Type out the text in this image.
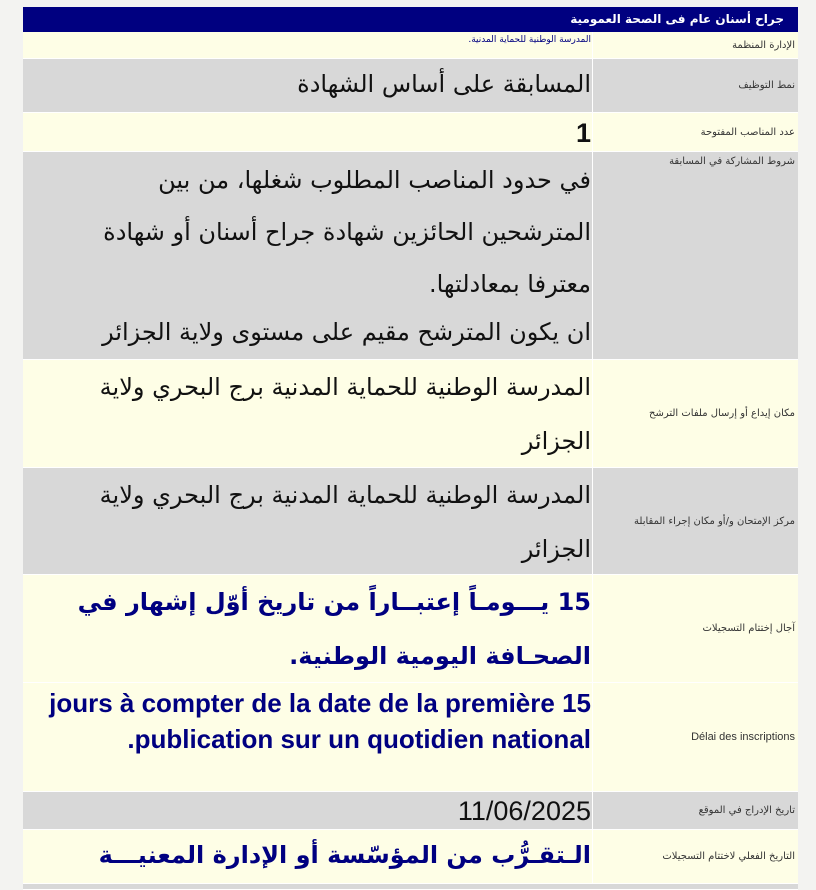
جراح أسنان عام فى الصحة العمومية
الإدارة المنظمة
المدرسة الوطنية للحماية المدنية.
نمط التوظيف
المسابقة على أساس الشهادة
عدد المناصب المفتوحة
1
شروط المشاركة في المسابقة
في حدود المناصب المطلوب شغلها، من بين المترشحين الحائزين شهادة جراح أسنان أو شهادة معترفا بمعادلتها.
ان يكون المترشح مقيم على مستوى ولاية الجزائر
مكان إيداع أو إرسال ملفات الترشح
المدرسة الوطنية للحماية المدنية برج البحري ولاية الجزائر
مركز الإمتحان و/أو مكان إجراء المقابلة
المدرسة الوطنية للحماية المدنية برج البحري ولاية الجزائر
آجال إختتام التسجيلات
15 يـــومـاً إعتبــاراً من تاريخ أوّل إشهار في الصحـافة اليومية الوطنية.
Délai des inscriptions
15 jours à compter de la date de la première publication sur un quotidien national.
تاريخ الإدراج في الموقع
11/06/2025
التاريخ الفعلي لاختتام التسجيلات
الـتقـرُّب من المؤسّسة أو الإدارة المعنيـــة
